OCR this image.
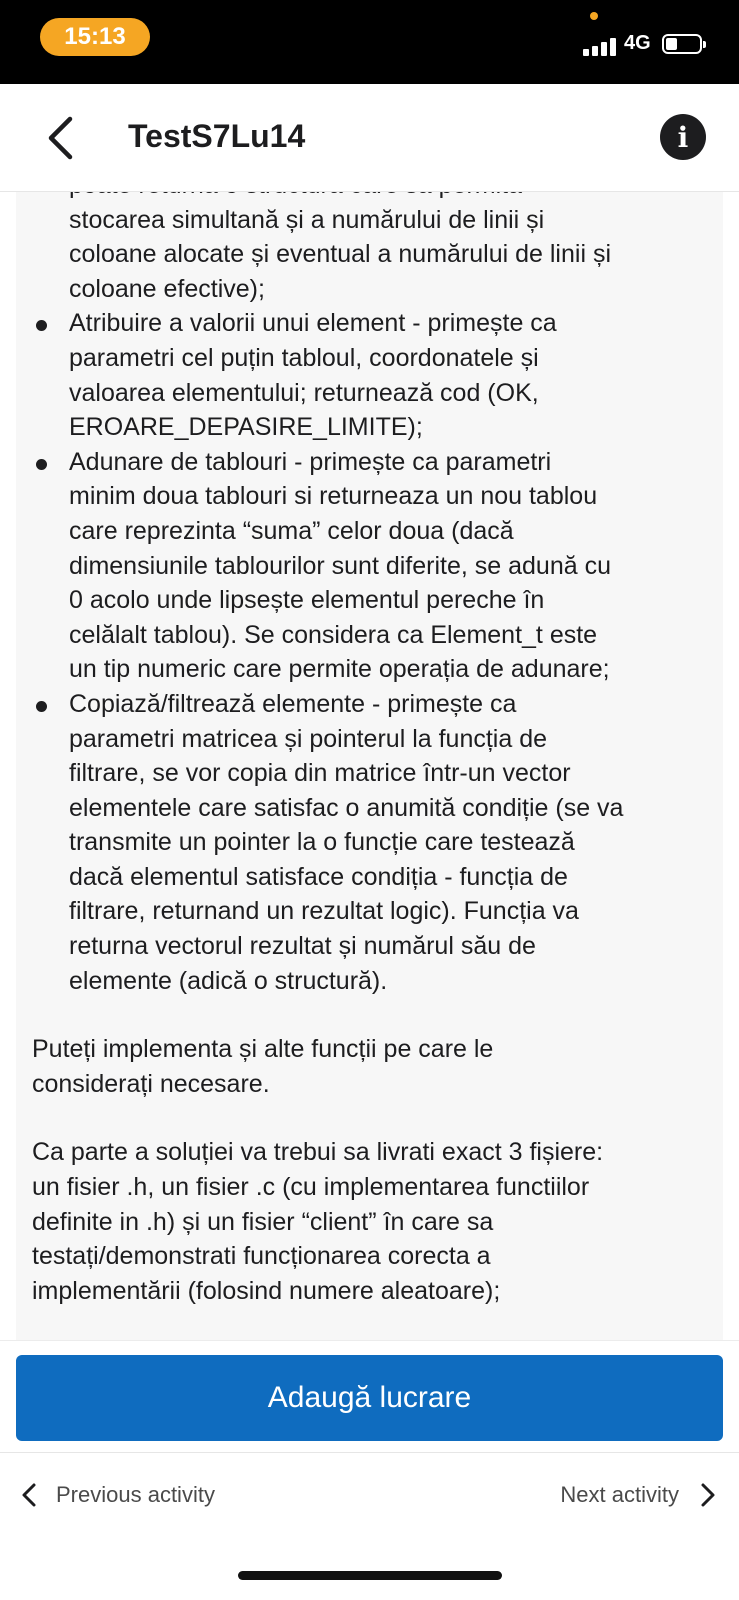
15:13	4G
TestS7Lu14	i
stocarea simultană și a numărului de linii și
coloane alocate și eventual a numărului de linii și
coloane efective);
Atribuire a valorii unui element - primește ca
parametri cel puțin tabloul, coordonatele și
valoarea elementului; returnează cod (OK,
EROARE_DEPASIRE_LIMITE);
Adunare de tablouri - primește ca parametri
minim doua tablouri si returneaza un nou tablou
care reprezinta “suma” celor doua (dacă
dimensiunile tablourilor sunt diferite, se adună cu
0 acolo unde lipsește elementul pereche în
celălalt tablou). Se considera ca Element_t este
un tip numeric care permite operația de adunare;
Copiază/filtrează elemente - primește ca
parametri matricea și pointerul la funcția de
filtrare, se vor copia din matrice într-un vector
elementele care satisfac o anumită condiție (se va
transmite un pointer la o funcție care testează
dacă elementul satisface condiția - funcția de
filtrare, returnand un rezultat logic). Funcția va
returna vectorul rezultat și numărul său de
elemente (adică o structură).
Puteți implementa și alte funcții pe care le
considerați necesare.
Ca parte a soluției va trebui sa livrati exact 3 fișiere:
un fisier .h, un fisier .c (cu implementarea functiilor
definite in .h) și un fisier “client” în care sa
testați/demonstrati funcționarea corecta a
implementării (folosind numere aleatoare);
Adaugă lucrare
Previous activity	Next activity
